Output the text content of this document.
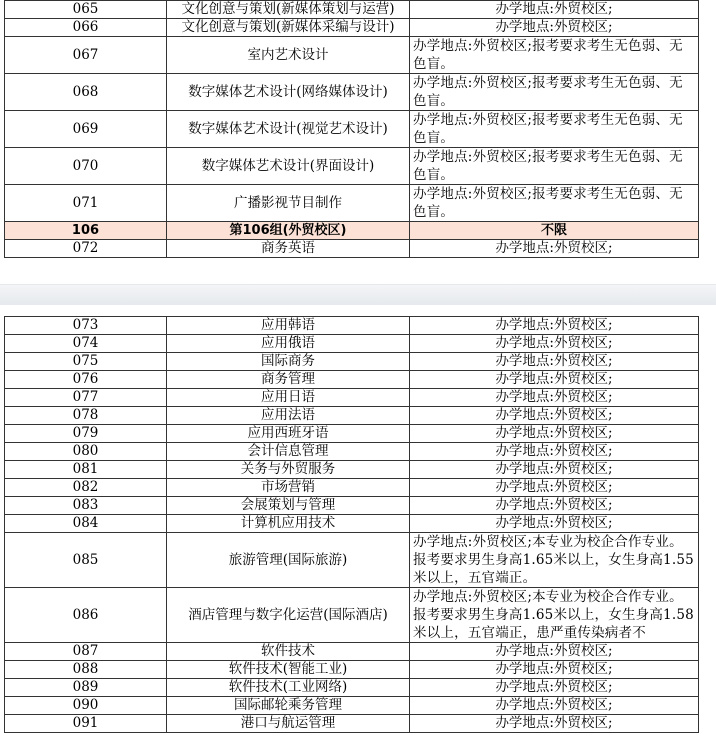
065	文化创意与策划(新媒体策划与运营)	办学地点:外贸校区;
066	文化创意与策划(新媒体采编与设计)	办学地点:外贸校区;
067	室内艺术设计	办学地点:外贸校区;报考要求考生无色弱、无色盲。
068	数字媒体艺术设计(网络媒体设计)	办学地点:外贸校区;报考要求考生无色弱、无色盲。
069	数字媒体艺术设计(视觉艺术设计)	办学地点:外贸校区;报考要求考生无色弱、无色盲。
070	数字媒体艺术设计(界面设计)	办学地点:外贸校区;报考要求考生无色弱、无色盲。
071	广播影视节目制作	办学地点:外贸校区;报考要求考生无色弱、无色盲。
106	第106组(外贸校区)	不限
072	商务英语	办学地点:外贸校区;
073	应用韩语	办学地点:外贸校区;
074	应用俄语	办学地点:外贸校区;
075	国际商务	办学地点:外贸校区;
076	商务管理	办学地点:外贸校区;
077	应用日语	办学地点:外贸校区;
078	应用法语	办学地点:外贸校区;
079	应用西班牙语	办学地点:外贸校区;
080	会计信息管理	办学地点:外贸校区;
081	关务与外贸服务	办学地点:外贸校区;
082	市场营销	办学地点:外贸校区;
083	会展策划与管理	办学地点:外贸校区;
084	计算机应用技术	办学地点:外贸校区;
085	旅游管理(国际旅游)	办学地点:外贸校区;本专业为校企合作专业。报考要求男生身高1.65米以上，女生身高1.55米以上，五官端正。
086	酒店管理与数字化运营(国际酒店)	办学地点:外贸校区;本专业为校企合作专业。报考要求男生身高1.65米以上，女生身高1.58米以上，五官端正，患严重传染病者不
087	软件技术	办学地点:外贸校区;
088	软件技术(智能工业)	办学地点:外贸校区;
089	软件技术(工业网络)	办学地点:外贸校区;
090	国际邮轮乘务管理	办学地点:外贸校区;
091	港口与航运管理	办学地点:外贸校区;
